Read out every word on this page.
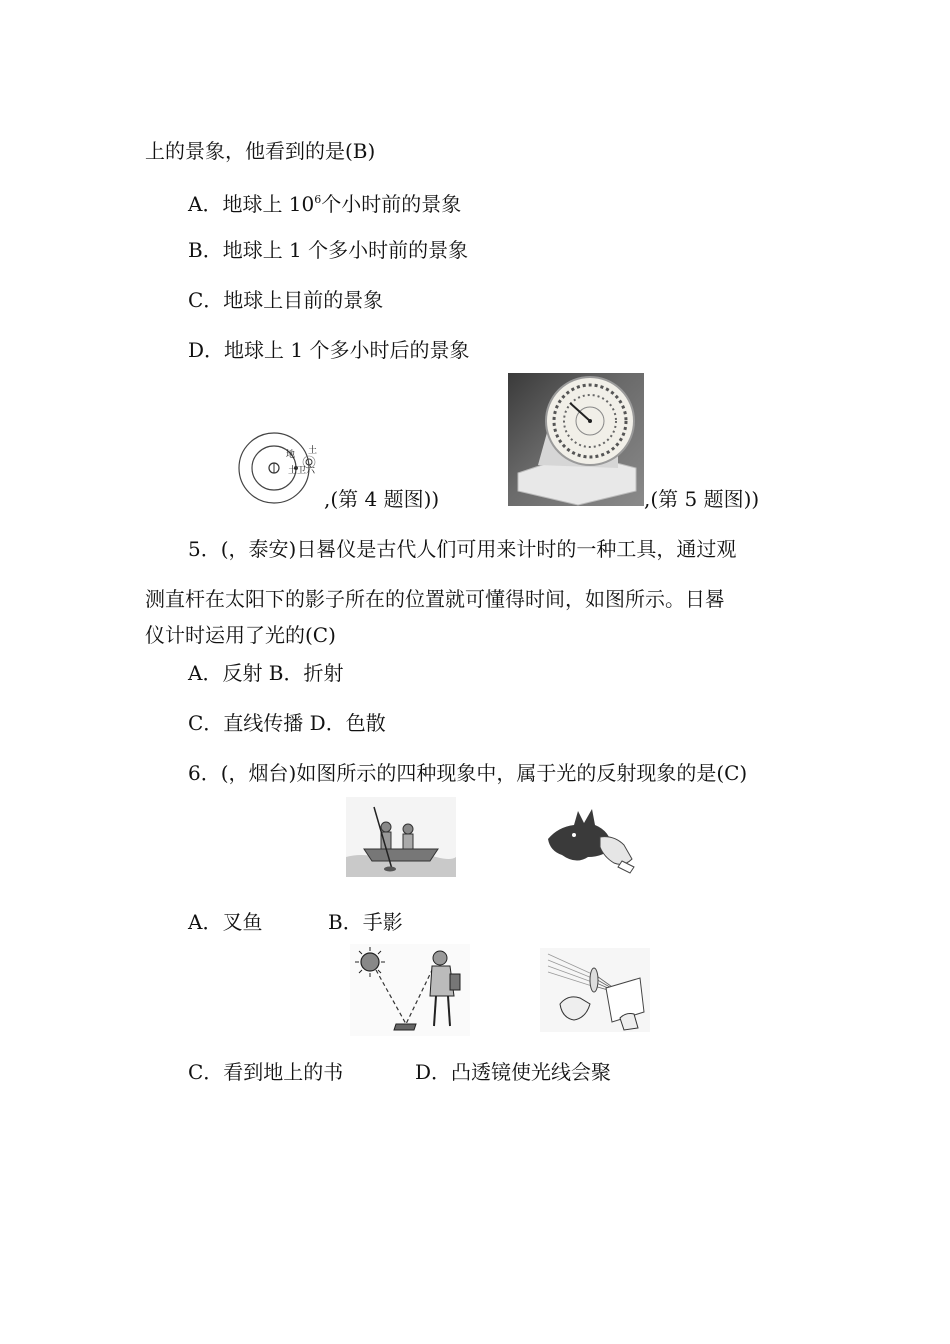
上的景象，他看到的是(B)
A．地球上 $10^6$个小时前的景象
B．地球上 1 个多小时前的景象
C．地球上目前的景象
D．地球上 1 个多小时后的景象
地 土
土卫六
,(第 4 题图))	,(第 5 题图))
5．(，泰安)日晷仪是古代人们可用来计时的一种工具，通过观
测直杆在太阳下的影子所在的位置就可懂得时间，如图所示。日晷
仪计时运用了光的(C)
A．反射 B．折射
C．直线传播 D．色散
6．(，烟台)如图所示的四种现象中，属于光的反射现象的是(C)
A．叉鱼	B．手影
C．看到地上的书	D．凸透镜使光线会聚
